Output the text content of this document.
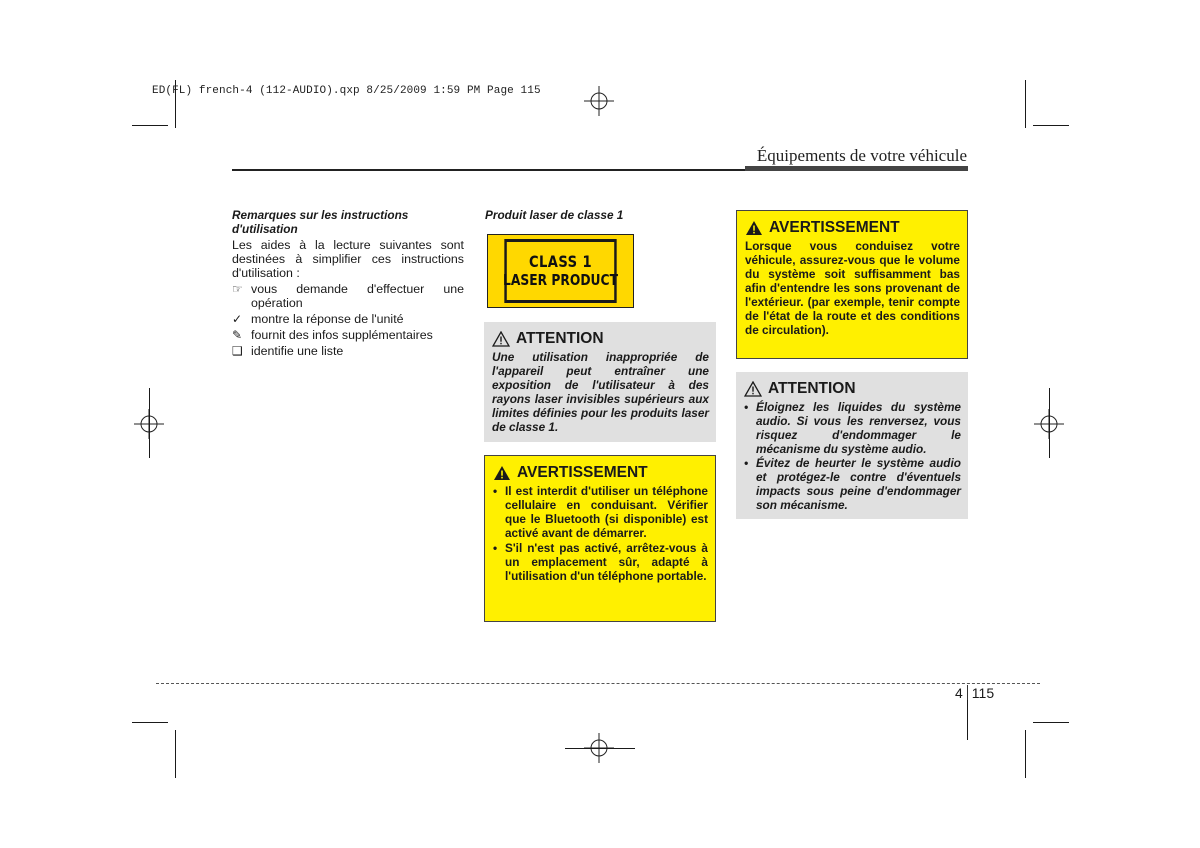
ED(FL) french-4 (112-AUDIO).qxp 8/25/2009 1:59 PM Page 115
Équipements de votre véhicule
Remarques sur les instructions
d'utilisation
Les aides à la lecture suivantes sont destinées à simplifier ces instructions d'utilisation :
☞ vous demande d'effectuer une opération
✓ montre la réponse de l'unité
✎ fournit des infos supplémentaires
❑ identifie une liste
Produit laser de classe 1
CLASS 1
LASER PRODUCT
ATTENTION
Une utilisation inappropriée de l'appareil peut entraîner une exposition de l'utilisateur à des rayons laser invisibles supérieurs aux limites définies pour les produits laser de classe 1.
AVERTISSEMENT
• Il est interdit d'utiliser un téléphone cellulaire en conduisant. Vérifier que le Bluetooth (si disponible) est activé avant de démarrer.
• S'il n'est pas activé, arrêtez-vous à un emplacement sûr, adapté à l'utilisation d'un téléphone portable.
AVERTISSEMENT
Lorsque vous conduisez votre véhicule, assurez-vous que le volume du système soit suffisamment bas afin d'entendre les sons provenant de l'extérieur. (par exemple, tenir compte de l'état de la route et des conditions de circulation).
ATTENTION
• Éloignez les liquides du système audio. Si vous les renversez, vous risquez d'endommager le mécanisme du système audio.
• Évitez de heurter le système audio et protégez-le contre d'éventuels impacts sous peine d'endommager son mécanisme.
4 115
